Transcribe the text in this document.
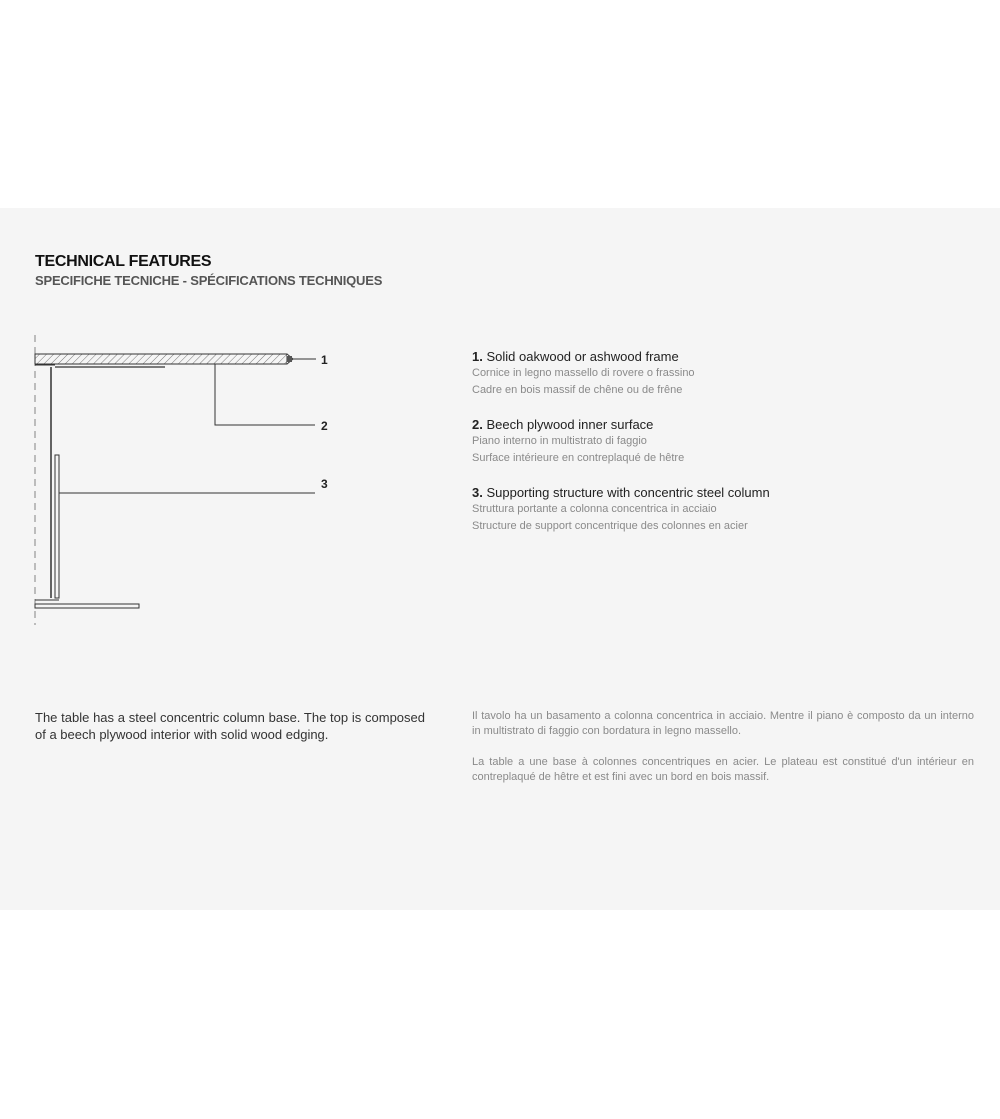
TECHNICAL FEATURES
SPECIFICHE TECNICHE - SPÉCIFICATIONS TECHNIQUES
1
2
3
1. Solid oakwood or ashwood frame
Cornice in legno massello di rovere o frassino
Cadre en bois massif de chêne ou de frêne
2. Beech plywood inner surface
Piano interno in multistrato di faggio
Surface intérieure en contreplaqué de hêtre
3. Supporting structure with concentric steel column
Struttura portante a colonna concentrica in acciaio
Structure de support concentrique des colonnes en acier

The table has a steel concentric column base. The top is composed of a beech plywood interior with solid wood edging.

Il tavolo ha un basamento a colonna concentrica in acciaio. Mentre il piano è composto da un interno in multistrato di faggio con bordatura in legno massello.

La table a une base à colonnes concentriques en acier. Le plateau est constitué d'un intérieur en contreplaqué de hêtre et est fini avec un bord en bois massif.
